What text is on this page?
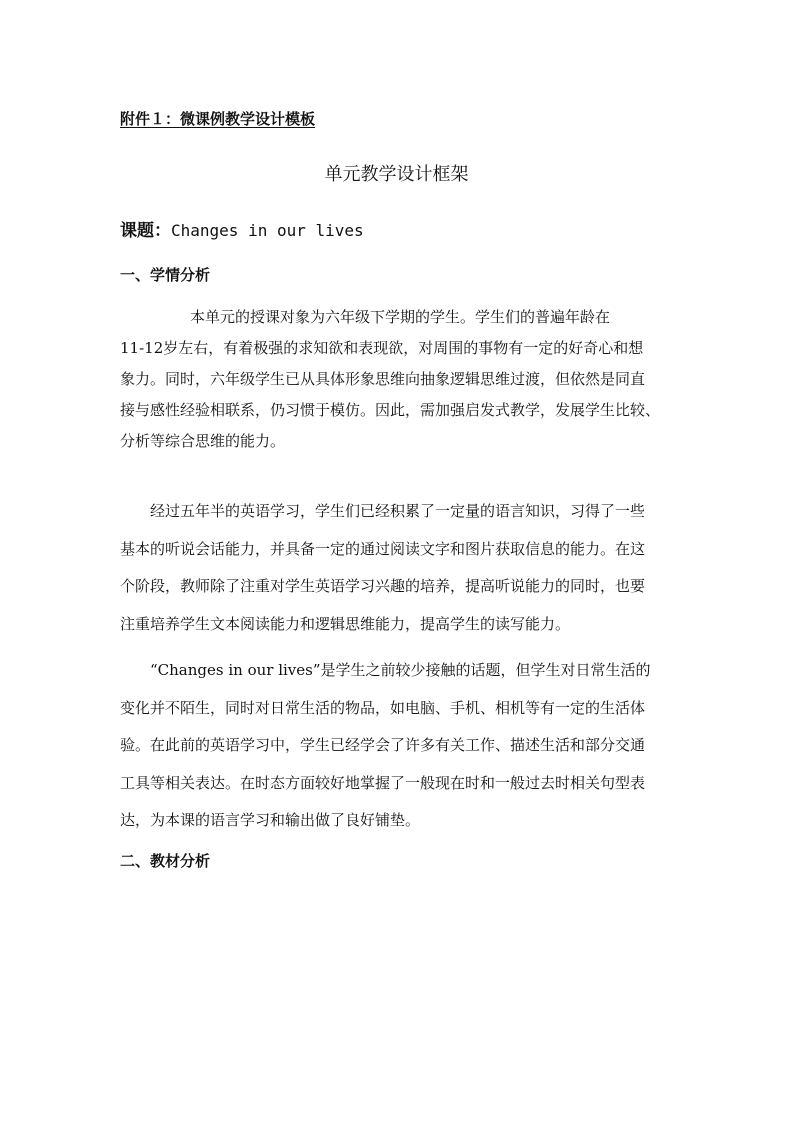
附件１：微课例教学设计模板
单元教学设计框架
课题：Changes in our lives
一、学情分析
本单元的授课对象为六年级下学期的学生。学生们的普遍年龄在
11-12岁左右，有着极强的求知欲和表现欲，对周围的事物有一定的好奇心和想
象力。同时，六年级学生已从具体形象思维向抽象逻辑思维过渡，但依然是同直
接与感性经验相联系，仍习惯于模仿。因此，需加强启发式教学，发展学生比较、
分析等综合思维的能力。
经过五年半的英语学习，学生们已经积累了一定量的语言知识，习得了一些
基本的听说会话能力，并具备一定的通过阅读文字和图片获取信息的能力。在这
个阶段，教师除了注重对学生英语学习兴趣的培养，提高听说能力的同时，也要
注重培养学生文本阅读能力和逻辑思维能力，提高学生的读写能力。
“Changes in our lives”是学生之前较少接触的话题，但学生对日常生活的
变化并不陌生，同时对日常生活的物品，如电脑、手机、相机等有一定的生活体
验。在此前的英语学习中，学生已经学会了许多有关工作、描述生活和部分交通
工具等相关表达。在时态方面较好地掌握了一般现在时和一般过去时相关句型表
达，为本课的语言学习和输出做了良好铺垫。
二、教材分析
